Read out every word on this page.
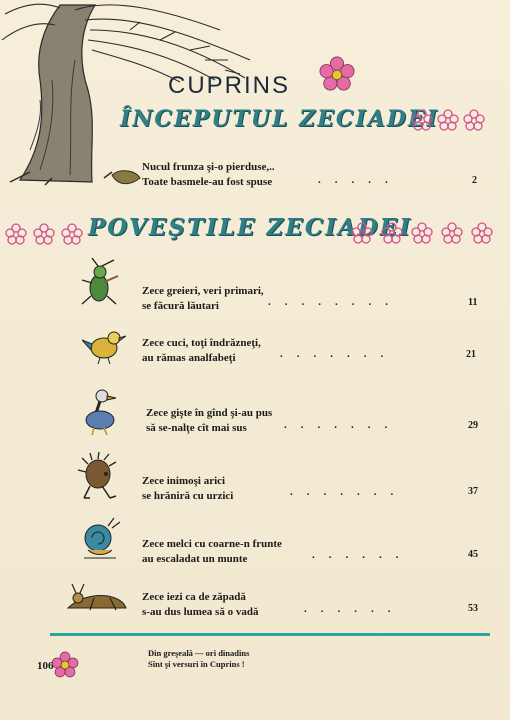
CUPRINS
ÎNCEPUTUL ZECIADEI
Nucul frunza şi-o pierduse,..
Toate basmele-au fost spuse	.....	2
POVEŞTILE ZECIADEI
Zece greieri, veri primari,
se făcură lăutari	........	11
Zece cuci, toţi îndrăzneţi,
au rămas analfabeţi	.......	21
Zece gişte în gînd şi-au pus
să se-nalţe cît mai sus	.......	29
Zece inimoşi arici
se hrăniră cu urzici	.......	37
Zece melci cu coarne-n frunte
au escaladat un munte	......	45
Zece iezi ca de zăpadă
s-au dus lumea să o vadă	......	53
106
Din greşeală — ori dinadins
Sînt şi versuri în Cuprins !
